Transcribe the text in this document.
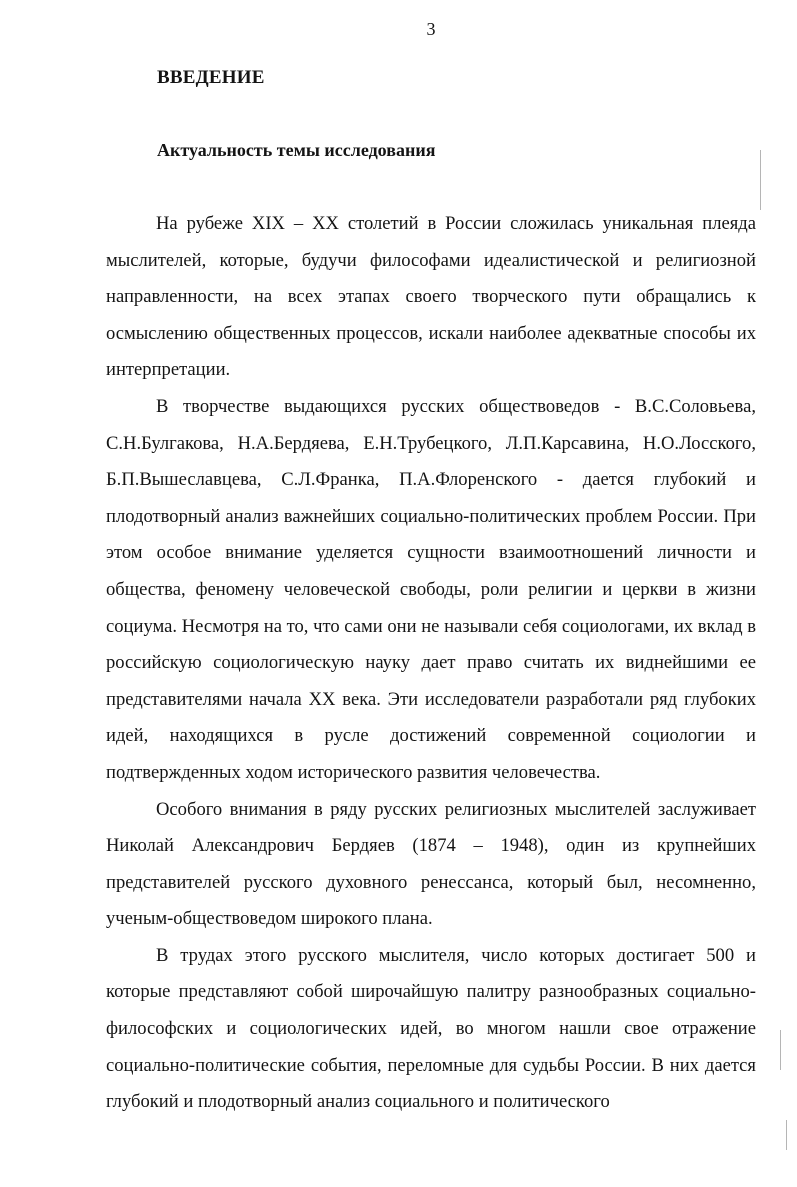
3
ВВЕДЕНИЕ
Актуальность темы исследования

На рубеже XIX – XX столетий в России сложилась уникальная плеяда мыслителей, которые, будучи философами идеалистической и религиозной направленности, на всех этапах своего творческого пути обращались к осмыслению общественных процессов, искали наиболее адекватные способы их интерпретации.

В творчестве выдающихся русских обществоведов - В.С.Соловьева, С.Н.Булгакова, Н.А.Бердяева, Е.Н.Трубецкого, Л.П.Карсавина, Н.О.Лосского, Б.П.Вышеславцева, С.Л.Франка, П.А.Флоренского - дается глубокий и плодотворный анализ важнейших социально-политических проблем России. При этом особое внимание уделяется сущности взаимоотношений личности и общества, феномену человеческой свободы, роли религии и церкви в жизни социума. Несмотря на то, что сами они не называли себя социологами, их вклад в российскую социологическую науку дает право считать их виднейшими ее представителями начала XX века. Эти исследователи разработали ряд глубоких идей, находящихся в русле достижений современной социологии и подтвержденных ходом исторического развития человечества.

Особого внимания в ряду русских религиозных мыслителей заслуживает Николай Александрович Бердяев (1874 – 1948), один из крупнейших представителей русского духовного ренессанса, который был, несомненно, ученым-обществоведом широкого плана.

В трудах этого русского мыслителя, число которых достигает 500 и которые представляют собой широчайшую палитру разнообразных социально-философских и социологических идей, во многом нашли свое отражение социально-политические события, переломные для судьбы России. В них дается глубокий и плодотворный анализ социального и политического
